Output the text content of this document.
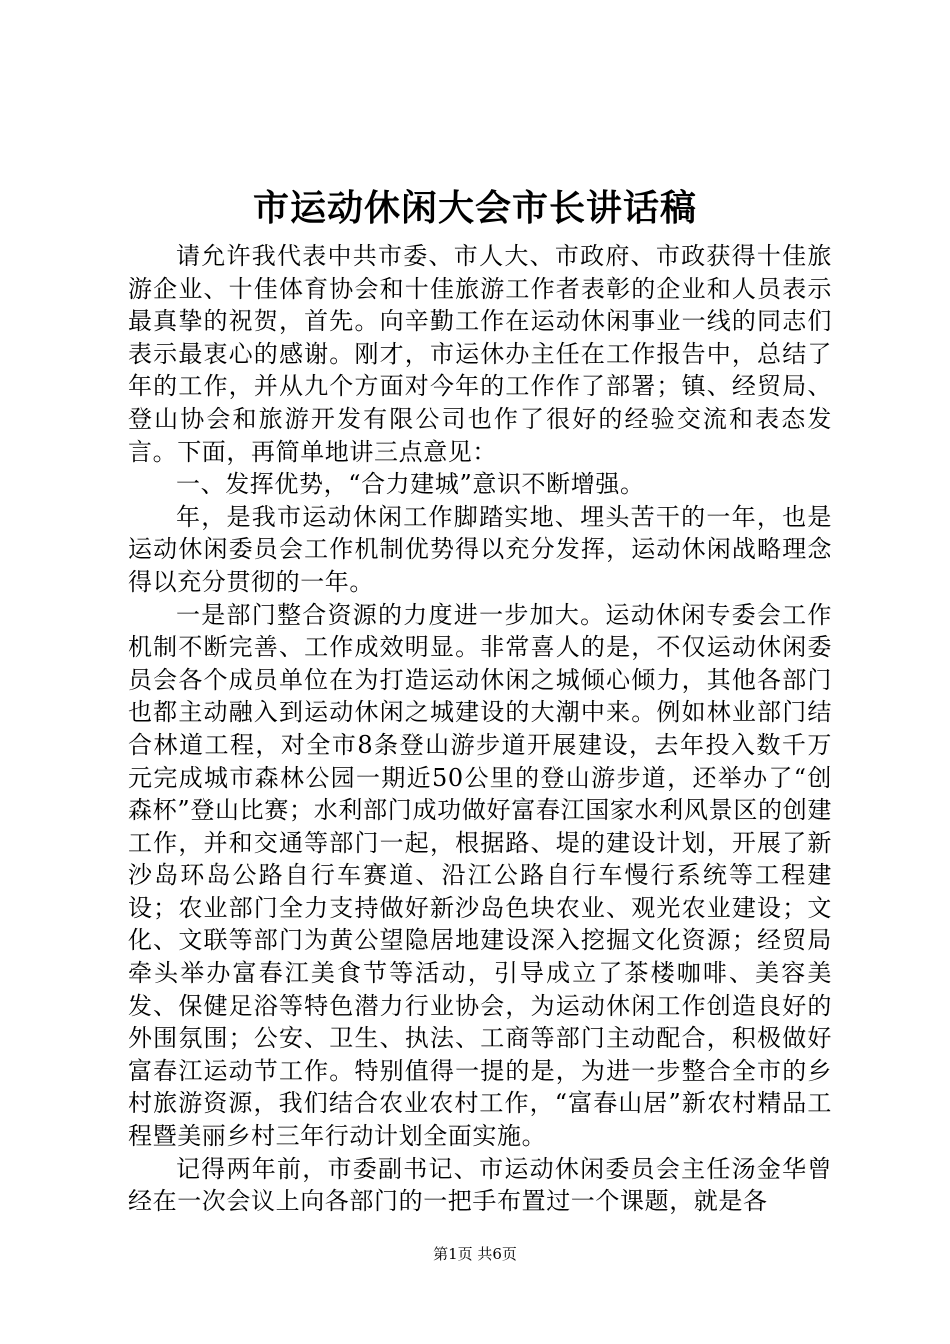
市运动休闲大会市长讲话稿

请允许我代表中共市委、市人大、市政府、市政获得十佳旅游企业、十佳体育协会和十佳旅游工作者表彰的企业和人员表示最真挚的祝贺，首先。向辛勤工作在运动休闲事业一线的同志们表示最衷心的感谢。刚才，市运休办主任在工作报告中，总结了年的工作，并从九个方面对今年的工作作了部署；镇、经贸局、登山协会和旅游开发有限公司也作了很好的经验交流和表态发言。下面，再简单地讲三点意见：

一、发挥优势，“合力建城”意识不断增强。

年，是我市运动休闲工作脚踏实地、埋头苦干的一年，也是运动休闲委员会工作机制优势得以充分发挥，运动休闲战略理念得以充分贯彻的一年。

一是部门整合资源的力度进一步加大。运动休闲专委会工作机制不断完善、工作成效明显。非常喜人的是，不仅运动休闲委员会各个成员单位在为打造运动休闲之城倾心倾力，其他各部门也都主动融入到运动休闲之城建设的大潮中来。例如林业部门结合林道工程，对全市8条登山游步道开展建设，去年投入数千万元完成城市森林公园一期近50公里的登山游步道，还举办了“创森杯”登山比赛；水利部门成功做好富春江国家水利风景区的创建工作，并和交通等部门一起，根据路、堤的建设计划，开展了新沙岛环岛公路自行车赛道、沿江公路自行车慢行系统等工程建设；农业部门全力支持做好新沙岛色块农业、观光农业建设；文化、文联等部门为黄公望隐居地建设深入挖掘文化资源；经贸局牵头举办富春江美食节等活动，引导成立了茶楼咖啡、美容美发、保健足浴等特色潜力行业协会，为运动休闲工作创造良好的外围氛围；公安、卫生、执法、工商等部门主动配合，积极做好富春江运动节工作。特别值得一提的是，为进一步整合全市的乡村旅游资源，我们结合农业农村工作，“富春山居”新农村精品工程暨美丽乡村三年行动计划全面实施。

记得两年前，市委副书记、市运动休闲委员会主任汤金华曾经在一次会议上向各部门的一把手布置过一个课题，就是各

第1页 共6页
